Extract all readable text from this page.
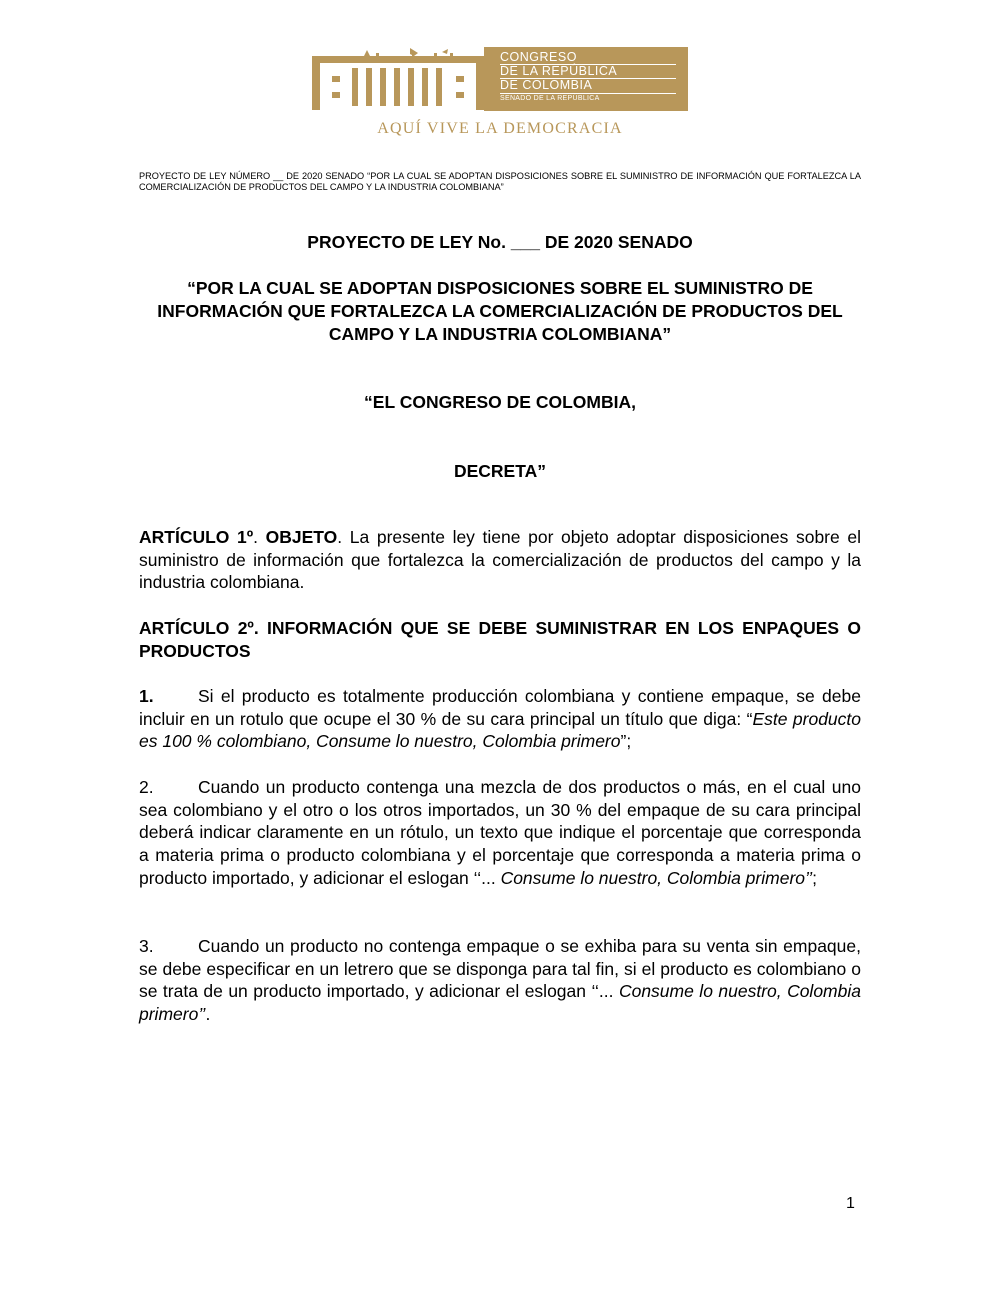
CONGRESO
DE LA REPÚBLICA
DE COLOMBIA
SENADO DE LA REPÚBLICA
AQUÍ VIVE LA DEMOCRACIA
PROYECTO DE LEY NÚMERO __ DE 2020 SENADO “POR LA CUAL SE ADOPTAN DISPOSICIONES SOBRE EL SUMINISTRO DE INFORMACIÓN QUE FORTALEZCA LA COMERCIALIZACIÓN DE PRODUCTOS DEL CAMPO Y LA INDUSTRIA COLOMBIANA”
PROYECTO DE LEY No. ___ DE 2020 SENADO
“POR LA CUAL SE ADOPTAN DISPOSICIONES SOBRE EL SUMINISTRO DE INFORMACIÓN QUE FORTALEZCA LA COMERCIALIZACIÓN DE PRODUCTOS DEL CAMPO Y LA INDUSTRIA COLOMBIANA”
“EL CONGRESO DE COLOMBIA,
DECRETA”
ARTÍCULO 1º. OBJETO. La presente ley tiene por objeto adoptar disposiciones sobre el suministro de información que fortalezca la comercialización de productos del campo y la industria colombiana.
ARTÍCULO 2º. INFORMACIÓN QUE SE DEBE SUMINISTRAR EN LOS ENPAQUES O PRODUCTOS
1.	Si el producto es totalmente producción colombiana y contiene empaque, se debe incluir en un rotulo que ocupe el 30 % de su cara principal un título que diga: “Este producto es 100 % colombiano, Consume lo nuestro, Colombia primero”;
2.	Cuando un producto contenga una mezcla de dos productos o más, en el cual uno sea colombiano y el otro o los otros importados, un 30 % del empaque de su cara principal deberá indicar claramente en un rótulo, un texto que indique el porcentaje que corresponda a materia prima o producto colombiana y el porcentaje que corresponda a materia prima o producto importado, y adicionar el eslogan ‘‘... Consume lo nuestro, Colombia primero’’;
3.	Cuando un producto no contenga empaque o se exhiba para su venta sin empaque, se debe especificar en un letrero que se disponga para tal fin, si el producto es colombiano o se trata de un producto importado, y adicionar el eslogan ‘‘... Consume lo nuestro, Colombia primero’’.
1
